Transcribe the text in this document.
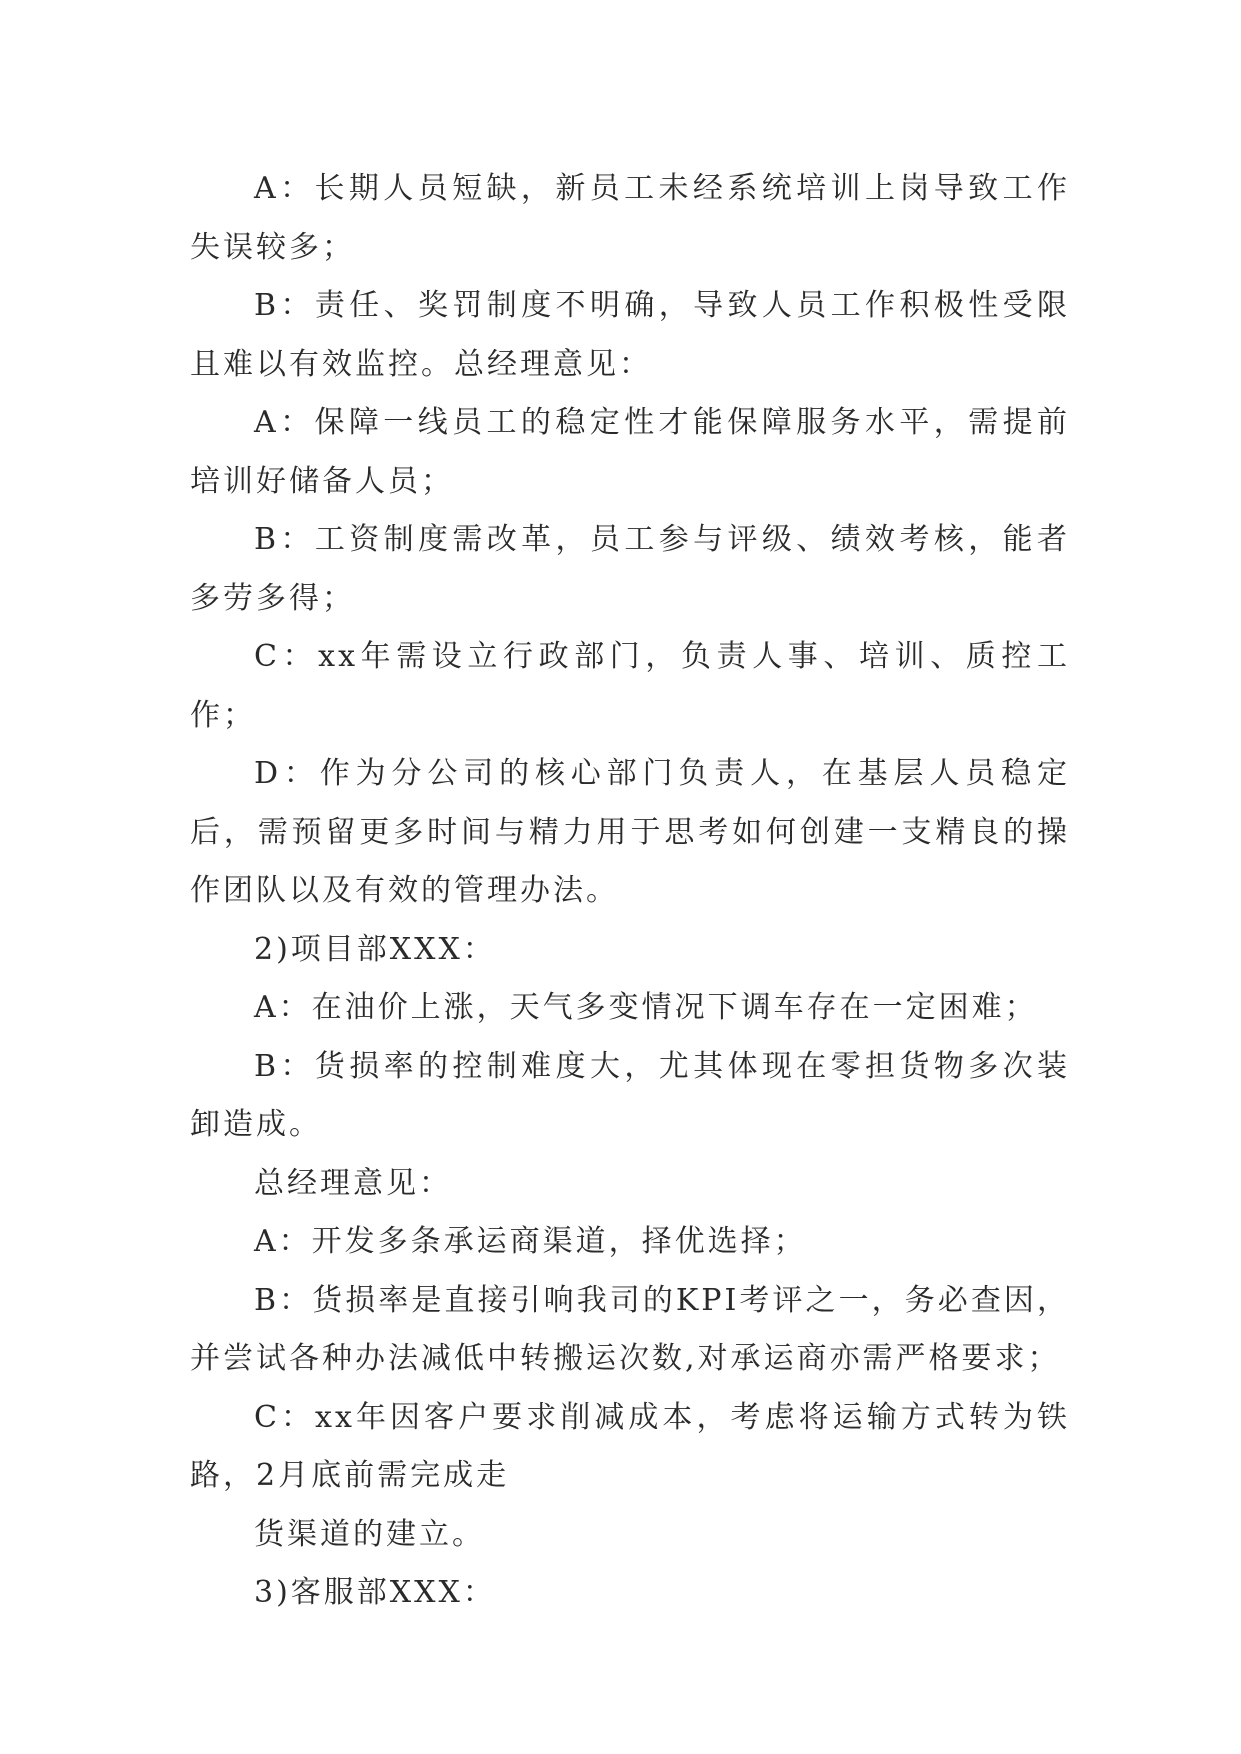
A：长期人员短缺，新员工未经系统培训上岗导致工作失误较多；

B：责任、奖罚制度不明确，导致人员工作积极性受限且难以有效监控。总经理意见：

A：保障一线员工的稳定性才能保障服务水平，需提前培训好储备人员；

B：工资制度需改革，员工参与评级、绩效考核，能者多劳多得；

C：xx年需设立行政部门，负责人事、培训、质控工作；

D：作为分公司的核心部门负责人，在基层人员稳定后，需预留更多时间与精力用于思考如何创建一支精良的操作团队以及有效的管理办法。

2)项目部XXX：

A：在油价上涨，天气多变情况下调车存在一定困难；

B：货损率的控制难度大，尤其体现在零担货物多次装卸造成。

总经理意见：

A：开发多条承运商渠道，择优选择；

B：货损率是直接引响我司的KPI考评之一，务必查因，并尝试各种办法减低中转搬运次数,对承运商亦需严格要求；

C：xx年因客户要求削减成本，考虑将运输方式转为铁路，2月底前需完成走

货渠道的建立。

3)客服部XXX：
